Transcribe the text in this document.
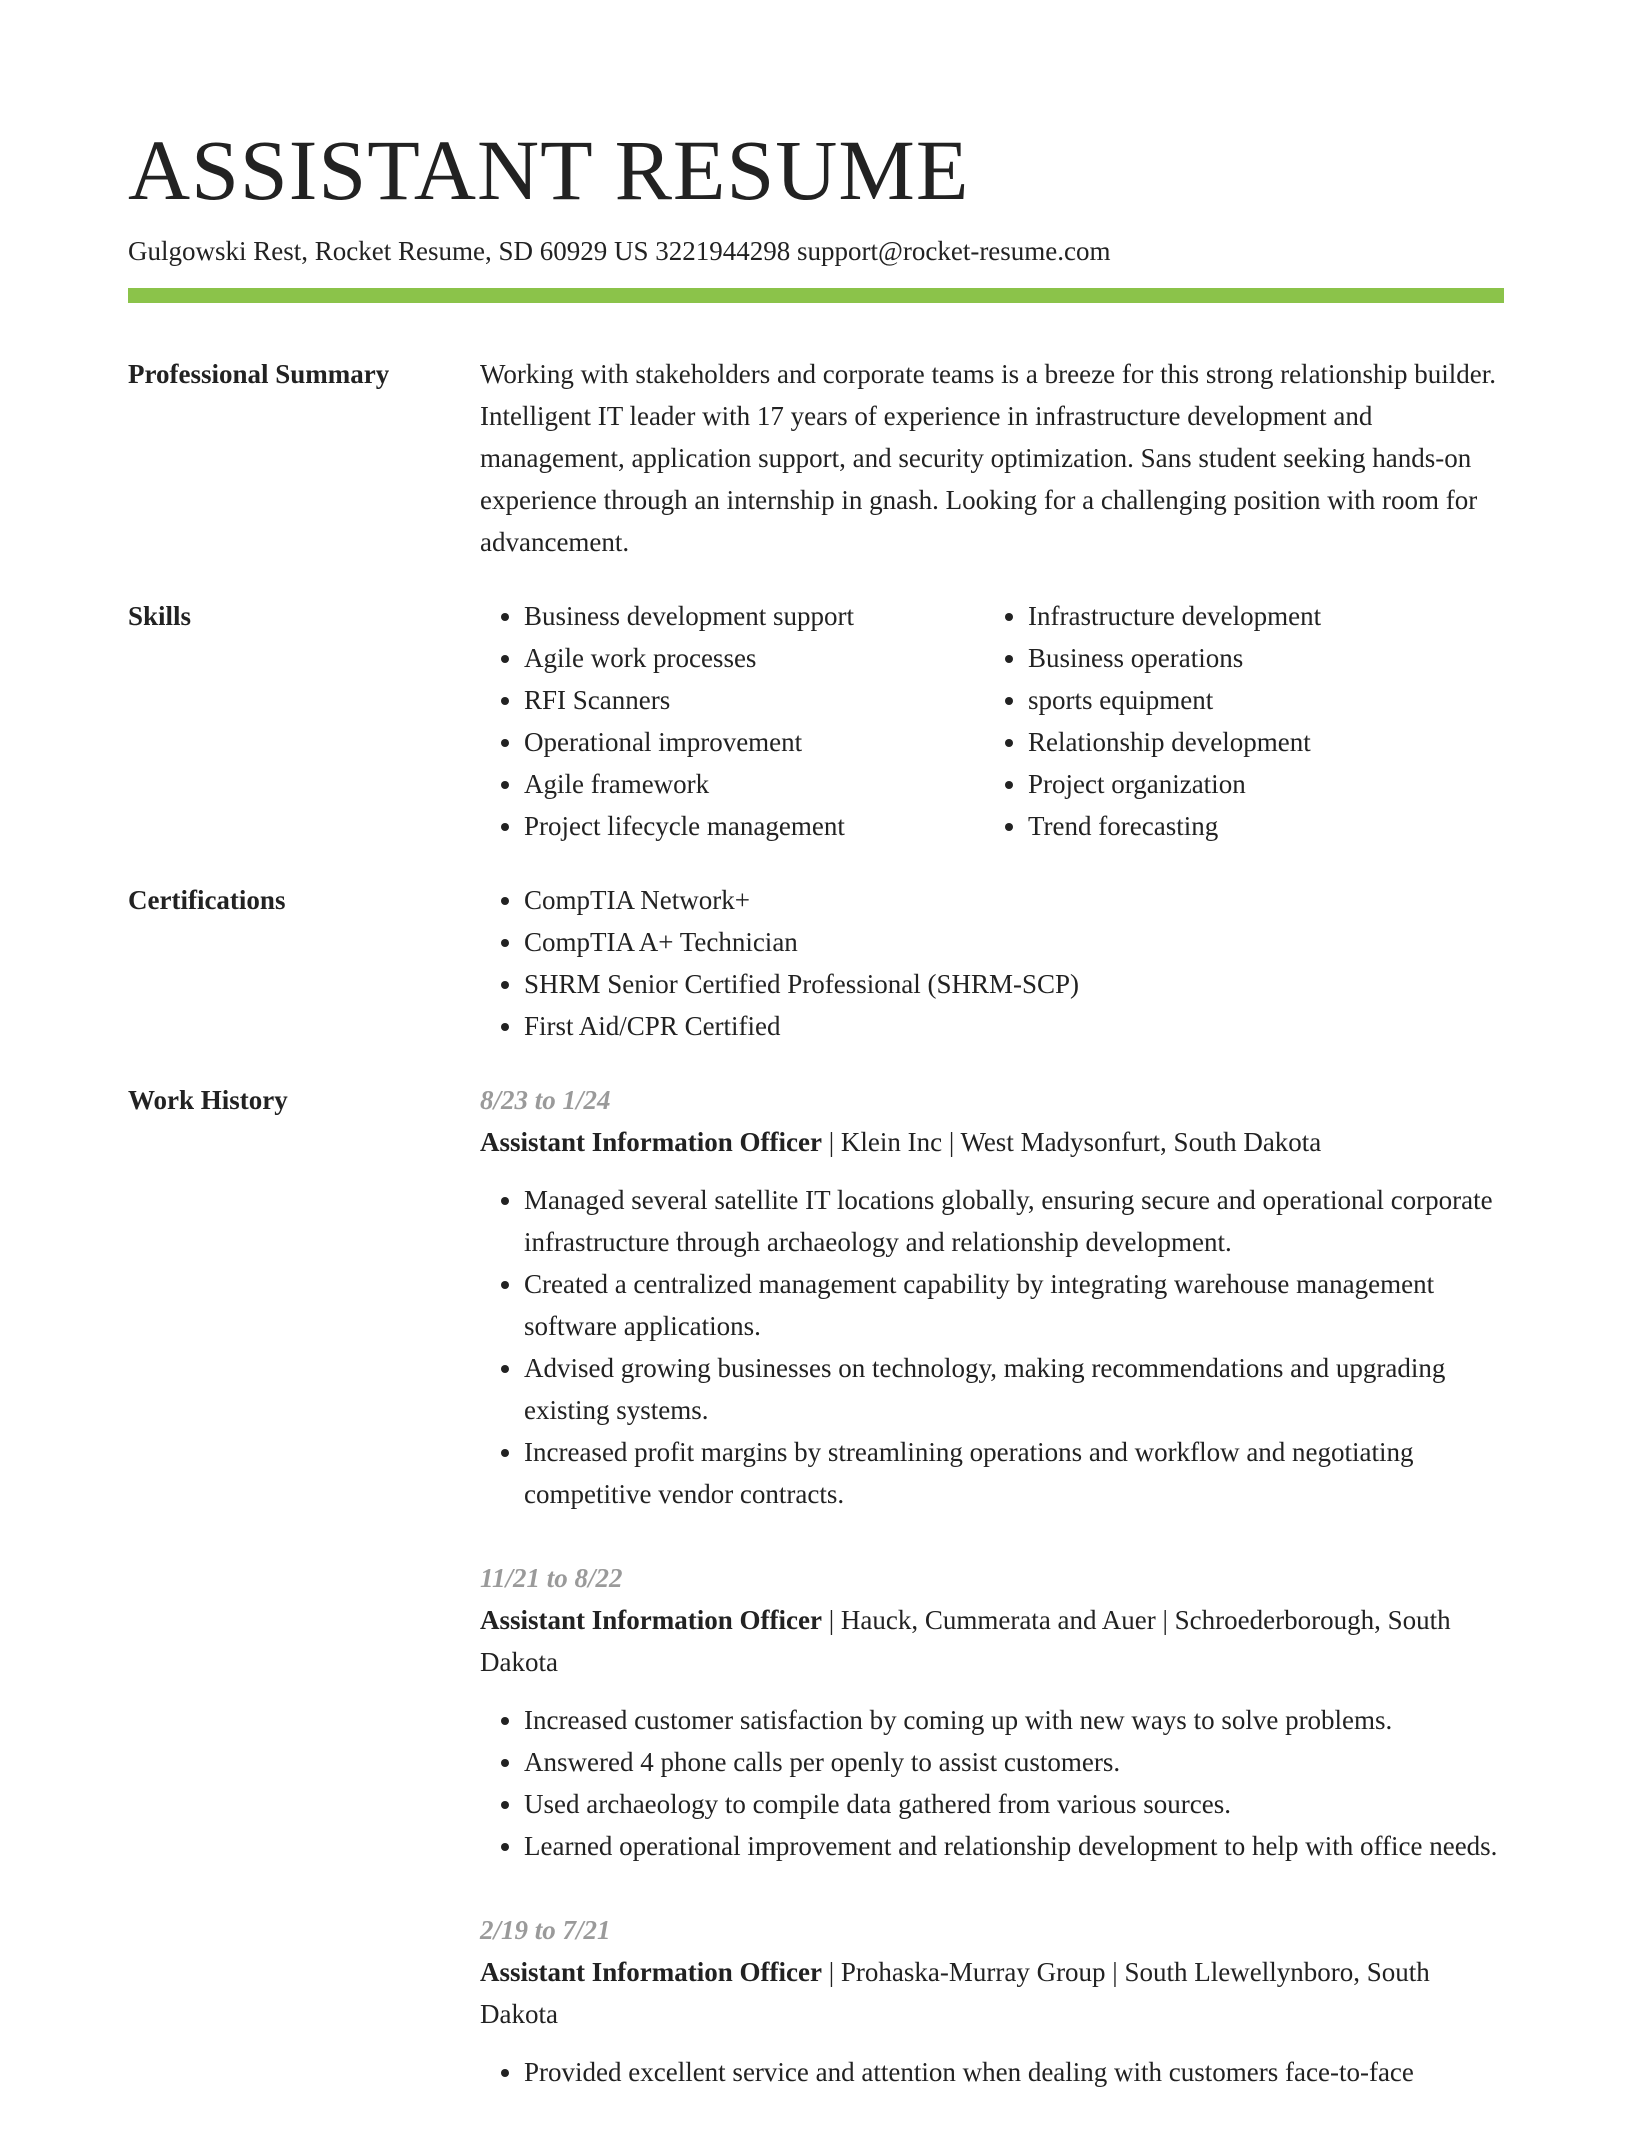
ASSISTANT RESUME
Gulgowski Rest, Rocket Resume, SD 60929 US 3221944298 support@rocket-resume.com
Professional Summary	Working with stakeholders and corporate teams is a breeze for this strong relationship builder. Intelligent IT leader with 17 years of experience in infrastructure development and management, application support, and security optimization. Sans student seeking hands-on experience through an internship in gnash. Looking for a challenging position with room for advancement.
Skills	• Business development support
• Agile work processes
• RFI Scanners
• Operational improvement
• Agile framework
• Project lifecycle management
• Infrastructure development
• Business operations
• sports equipment
• Relationship development
• Project organization
• Trend forecasting
Certifications	• CompTIA Network+
• CompTIA A+ Technician
• SHRM Senior Certified Professional (SHRM-SCP)
• First Aid/CPR Certified
Work History	8/23 to 1/24
Assistant Information Officer | Klein Inc | West Madysonfurt, South Dakota
• Managed several satellite IT locations globally, ensuring secure and operational corporate infrastructure through archaeology and relationship development.
• Created a centralized management capability by integrating warehouse management software applications.
• Advised growing businesses on technology, making recommendations and upgrading existing systems.
• Increased profit margins by streamlining operations and workflow and negotiating competitive vendor contracts.
11/21 to 8/22
Assistant Information Officer | Hauck, Cummerata and Auer | Schroederborough, South Dakota
• Increased customer satisfaction by coming up with new ways to solve problems.
• Answered 4 phone calls per openly to assist customers.
• Used archaeology to compile data gathered from various sources.
• Learned operational improvement and relationship development to help with office needs.
2/19 to 7/21
Assistant Information Officer | Prohaska-Murray Group | South Llewellynboro, South Dakota
• Provided excellent service and attention when dealing with customers face-to-face
